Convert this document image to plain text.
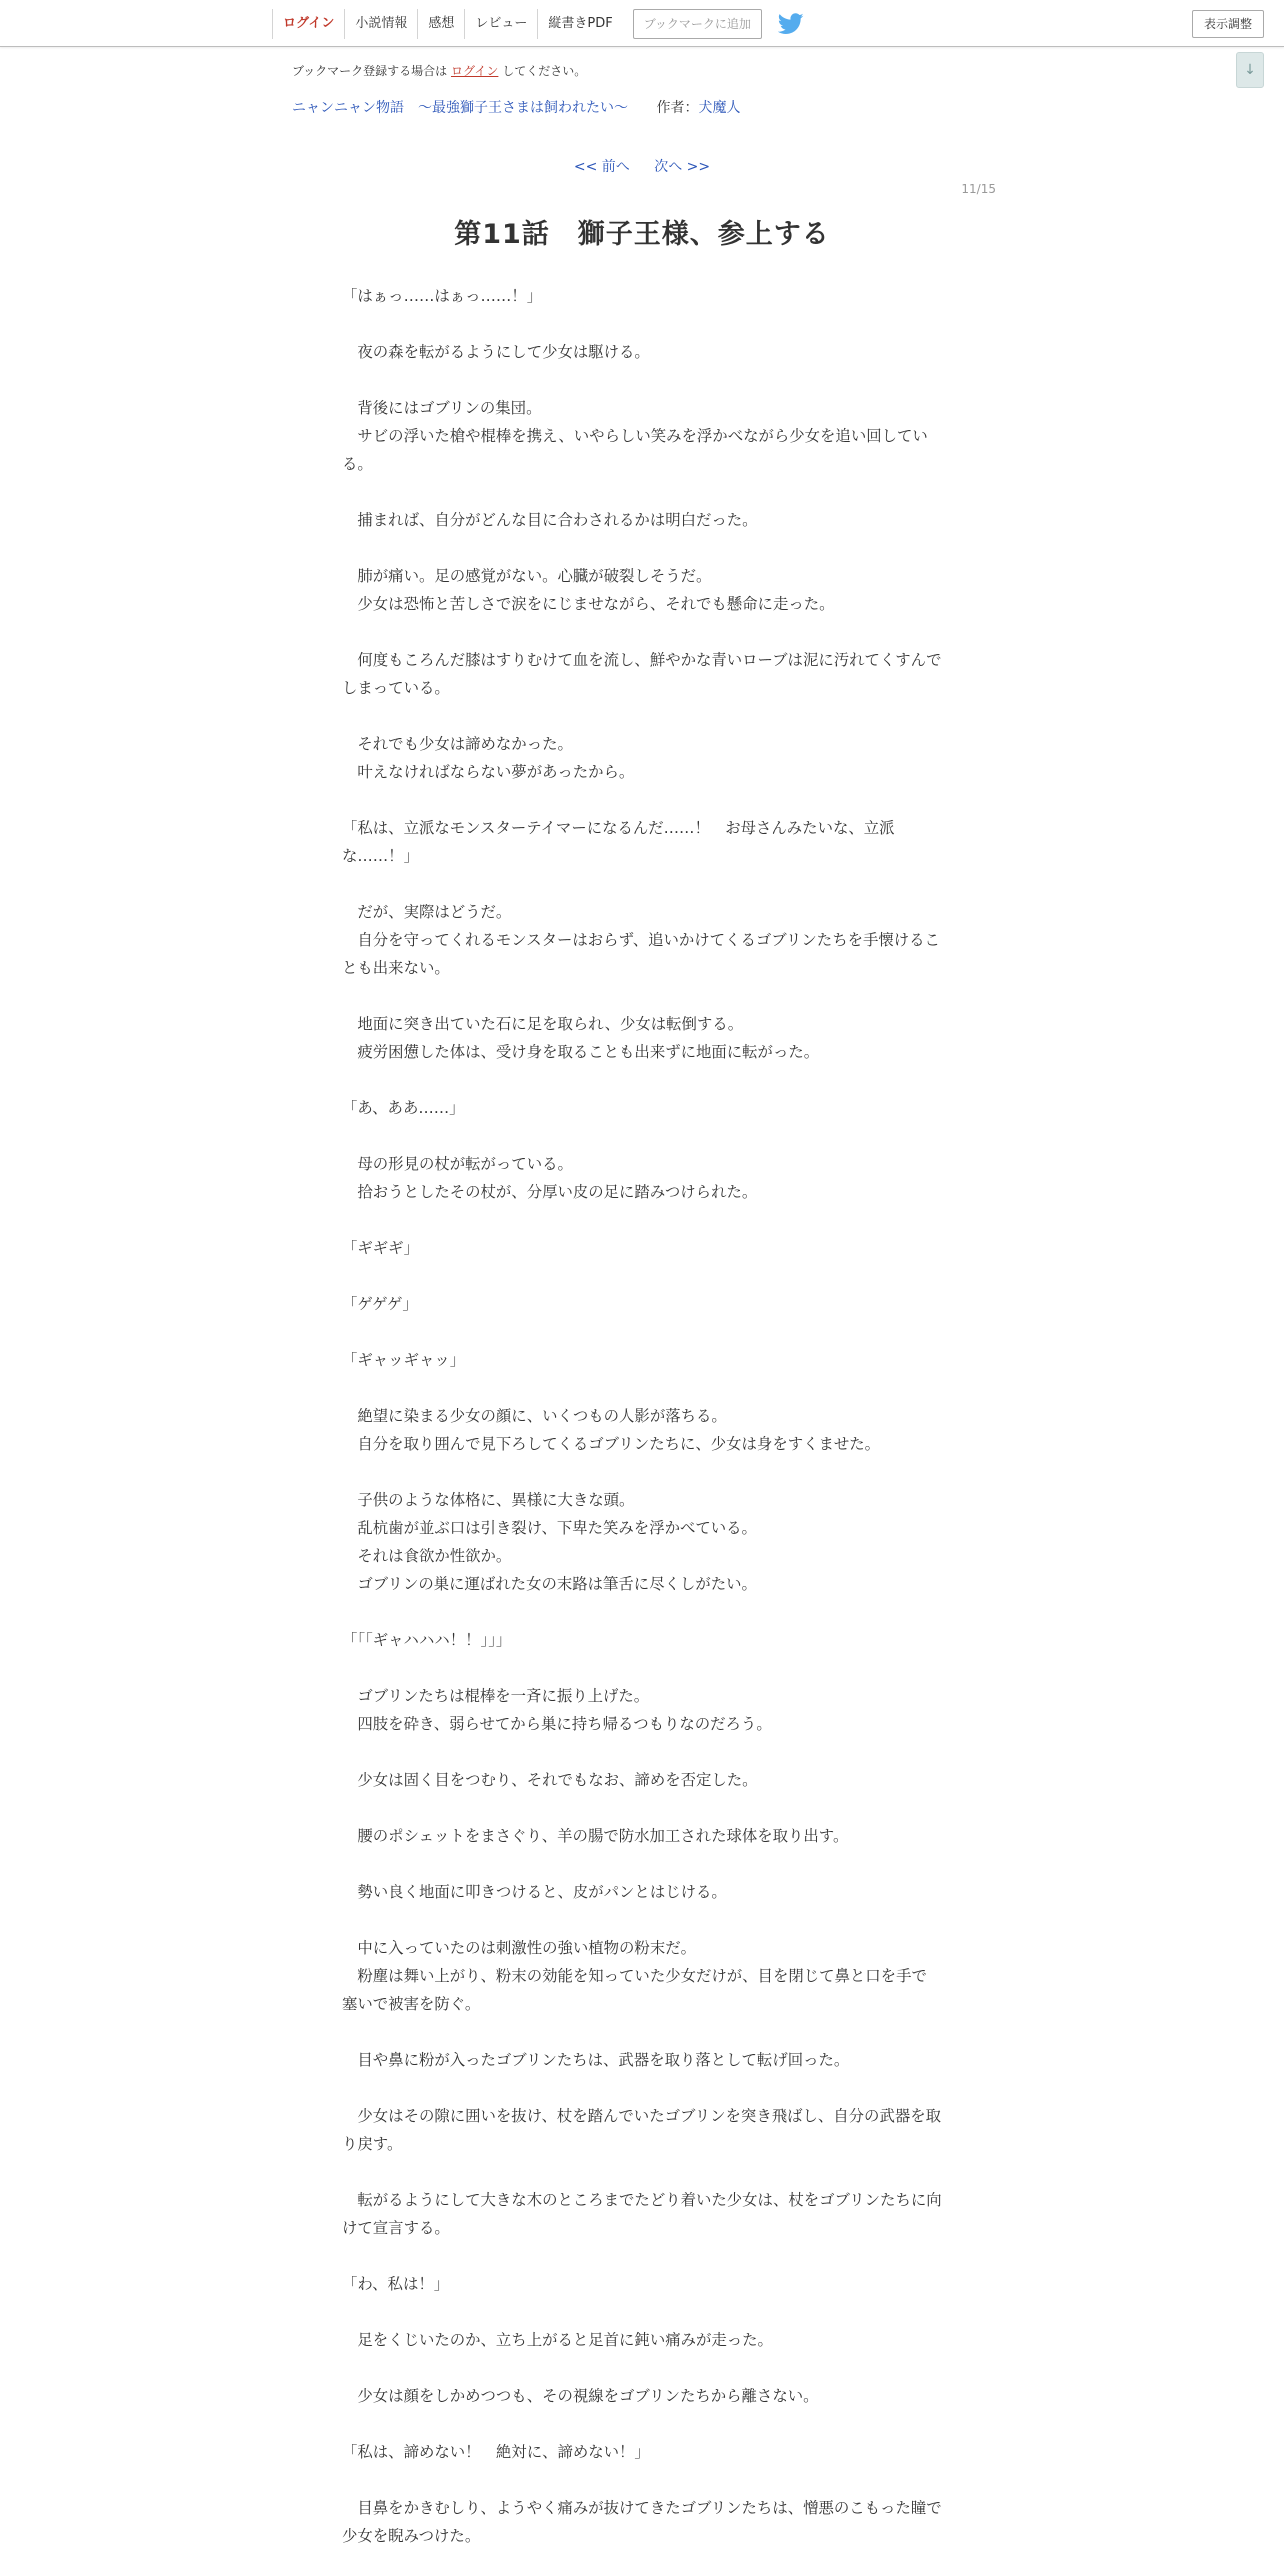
ログイン	小説情報	感想	レビュー	縦書きPDF	ブックマークに追加	表示調整
↓
ブックマーク登録する場合は ログイン してください。
ニャンニャン物語　～最強獅子王さまは飼われたい～ 作者：犬魔人
<< 前へ 次へ >>
11/15
第11話　獅子王様、参上する

「はぁっ……はぁっ……！」

　夜の森を転がるようにして少女は駆ける。

　背後にはゴブリンの集団。

　サビの浮いた槍や棍棒を携え、いやらしい笑みを浮かべながら少女を追い回している。

　捕まれば、自分がどんな目に合わされるかは明白だった。

　肺が痛い。足の感覚がない。心臓が破裂しそうだ。

　少女は恐怖と苦しさで涙をにじませながら、それでも懸命に走った。

　何度もころんだ膝はすりむけて血を流し、鮮やかな青いローブは泥に汚れてくすんでしまっている。

　それでも少女は諦めなかった。

　叶えなければならない夢があったから。

「私は、立派なモンスターテイマーになるんだ……！　お母さんみたいな、立派な……！」

　だが、実際はどうだ。

　自分を守ってくれるモンスターはおらず、追いかけてくるゴブリンたちを手懐けることも出来ない。

　地面に突き出ていた石に足を取られ、少女は転倒する。

　疲労困憊した体は、受け身を取ることも出来ずに地面に転がった。

「あ、ああ……」

　母の形見の杖が転がっている。

　拾おうとしたその杖が、分厚い皮の足に踏みつけられた。

「ギギギ」

「ゲゲゲ」

「ギャッギャッ」

　絶望に染まる少女の顔に、いくつもの人影が落ちる。

　自分を取り囲んで見下ろしてくるゴブリンたちに、少女は身をすくませた。

　子供のような体格に、異様に大きな頭。

　乱杭歯が並ぶ口は引き裂け、下卑た笑みを浮かべている。

　それは食欲か性欲か。

　ゴブリンの巣に運ばれた女の末路は筆舌に尽くしがたい。

「「「ギャハハハ！！」」」

　ゴブリンたちは棍棒を一斉に振り上げた。

　四肢を砕き、弱らせてから巣に持ち帰るつもりなのだろう。

　少女は固く目をつむり、それでもなお、諦めを否定した。

　腰のポシェットをまさぐり、羊の腸で防水加工された球体を取り出す。

　勢い良く地面に叩きつけると、皮がパンとはじける。

　中に入っていたのは刺激性の強い植物の粉末だ。

　粉塵は舞い上がり、粉末の効能を知っていた少女だけが、目を閉じて鼻と口を手で塞いで被害を防ぐ。

　目や鼻に粉が入ったゴブリンたちは、武器を取り落として転げ回った。

　少女はその隙に囲いを抜け、杖を踏んでいたゴブリンを突き飛ばし、自分の武器を取り戻す。

　転がるようにして大きな木のところまでたどり着いた少女は、杖をゴブリンたちに向けて宣言する。

「わ、私は！」

　足をくじいたのか、立ち上がると足首に鈍い痛みが走った。

　少女は顔をしかめつつも、その視線をゴブリンたちから離さない。

「私は、諦めない！　絶対に、諦めない！」

　目鼻をかきむしり、ようやく痛みが抜けてきたゴブリンたちは、憎悪のこもった瞳で少女を睨みつけた。
